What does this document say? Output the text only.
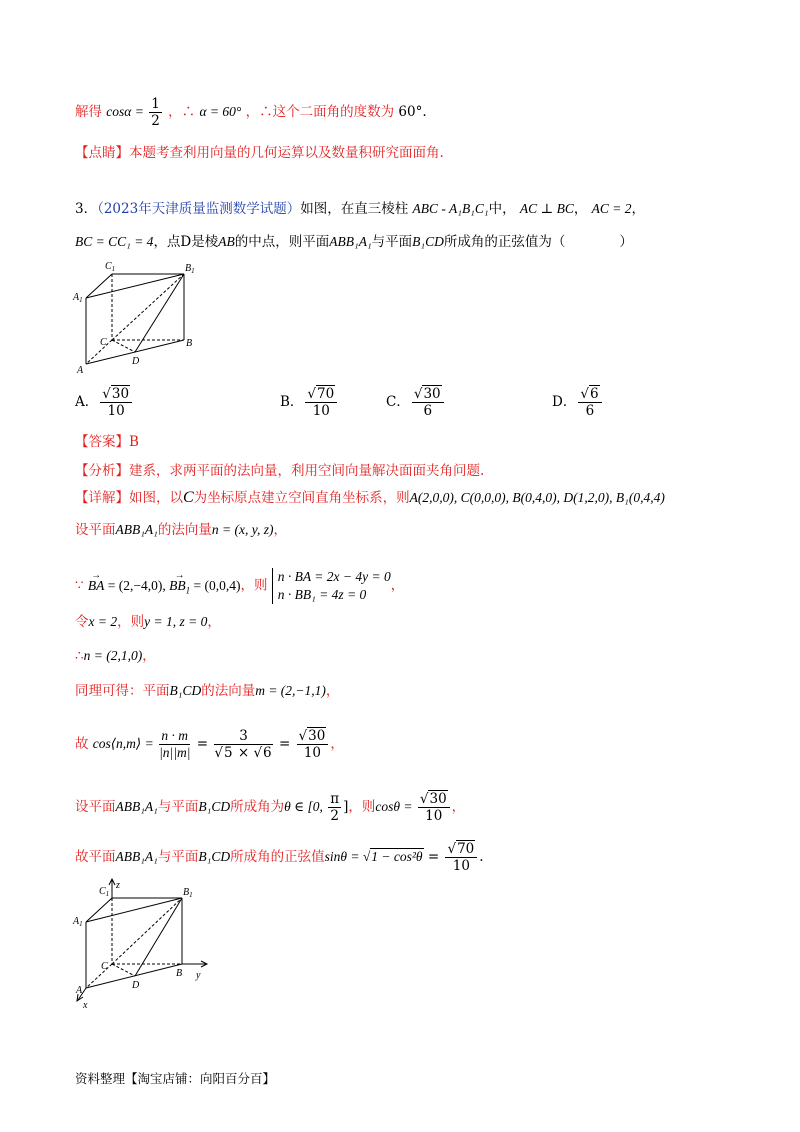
解得 $\cos\alpha = \frac{1}{2}$ ，∴ α = 60° ，∴这个二面角的度数为 60°.
【点睛】本题考查利用向量的几何运算以及数量积研究面面角.
3．（2023年天津质量监测数学试题）如图，在直三棱柱 ABC - A₁B₁C₁中， AC ⊥ BC， AC = 2，
BC = CC₁ = 4，点D是棱AB的中点，则平面ABB₁A₁与平面B₁CD所成角的正弦值为（　　　　）
$C_1$	$B_1$
$A_1$
C	B
A
D
A． $\frac{√30}{10}$	B． $\frac{√70}{10}$	C． $\frac{√30}{6}$	D． $\frac{√6}{6}$
【答案】B
【分析】建系，求两平面的法向量，利用空间向量解决面面夹角问题.
【详解】如图，以C为坐标原点建立空间直角坐标系，则A(2,0,0), C(0,0,0), B(0,4,0), D(1,2,0), B₁(0,4,4)
设平面ABB₁A₁的法向量n = (x, y, z)，
∵ → BA = (2,−4,0), → $BB_1 = (0,0,4)$，则
n · BA = 2x − 4y = 0
n · BB₁ = 4z = 0
，
令x = 2，则y = 1, z = 0，
∴n = (2,1,0)，
同理可得：平面B₁CD的法向量m = (2,−1,1)，
故 cos⟨n,m⟩ = $\frac{n \cdot m}{|n||m|} = \frac{3}{√5 \times √6} = \frac{√30}{10}$ ，
设平面ABB₁A₁与平面B₁CD所成角为θ ∈ [0, $\frac{\pi}{2}$ ]，则$\cos\theta = \frac{√30}{10}$ ，
故平面ABB₁A₁与平面B₁CD所成角的正弦值$\sin\theta = √1 - \cos^2\theta = \frac{√70}{10}$ .
z
y
x
$C_1$	$B_1$
$A_1$
C
B
A	D
资料整理【淘宝店铺：向阳百分百】
